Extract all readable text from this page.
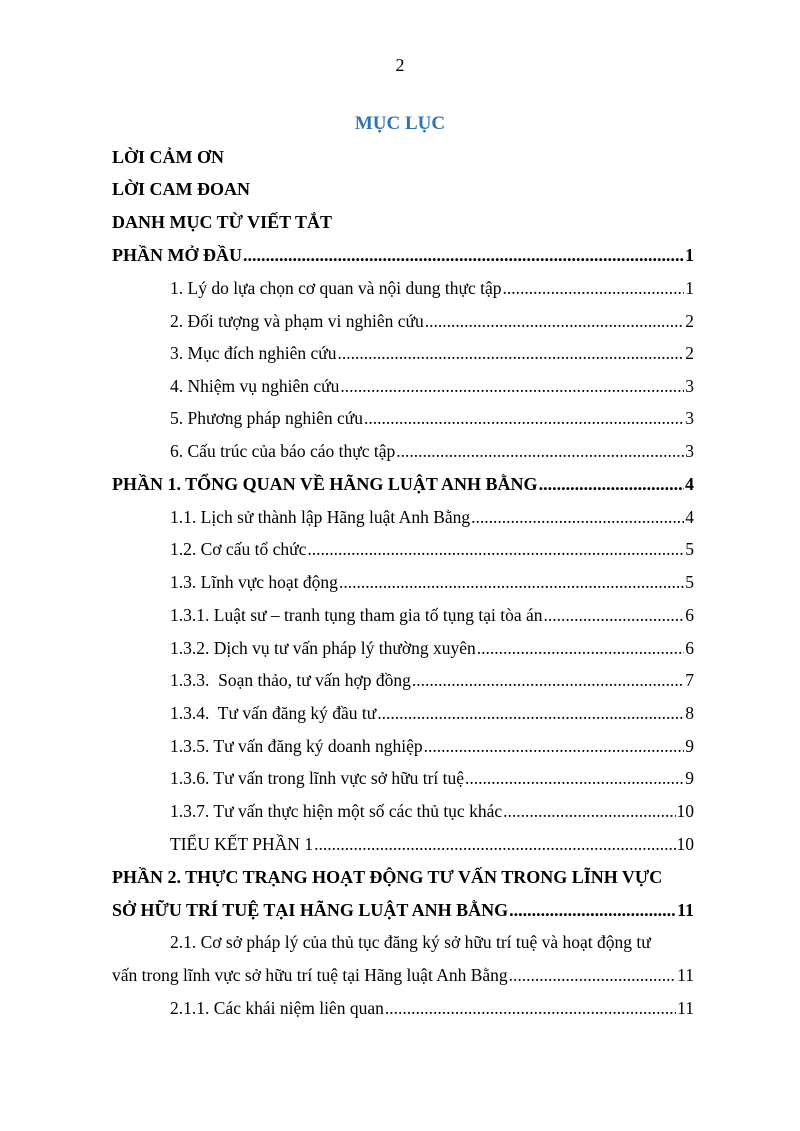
2
MỤC LỤC
LỜI CẢM ƠN
LỜI CAM ĐOAN
DANH MỤC TỪ VIẾT TẮT
PHẦN MỞ ĐẦU .....	1
1. Lý do lựa chọn cơ quan và nội dung thực tập .....	1
2. Đối tượng và phạm vi nghiên cứu .....	2
3. Mục đích nghiên cứu .....	2
4. Nhiệm vụ nghiên cứu .....	3
5. Phương pháp nghiên cứu .....	3
6. Cấu trúc của báo cáo thực tập .....	3
PHẦN 1. TỔNG QUAN VỀ HÃNG LUẬT ANH BẰNG .....	4
1.1. Lịch sử thành lập Hãng luật Anh Bằng .....	4
1.2. Cơ cấu tổ chức .....	5
1.3. Lĩnh vực hoạt động .....	5
1.3.1. Luật sư – tranh tụng tham gia tố tụng tại tòa án .....	6
1.3.2. Dịch vụ tư vấn pháp lý thường xuyên .....	6
1.3.3.  Soạn thảo, tư vấn hợp đồng .....	7
1.3.4.  Tư vấn đăng ký đầu tư .....	8
1.3.5. Tư vấn đăng ký doanh nghiệp .....	9
1.3.6. Tư vấn trong lĩnh vực sở hữu trí tuệ .....	9
1.3.7. Tư vấn thực hiện một số các thủ tục khác .....	10
TIỂU KẾT PHẦN 1 .....	10
PHẦN 2. THỰC TRẠNG HOẠT ĐỘNG TƯ VẤN TRONG LĨNH VỰC
SỞ HỮU TRÍ TUỆ TẠI HÃNG LUẬT ANH BẰNG .....	11
2.1. Cơ sở pháp lý của thủ tục đăng ký sở hữu trí tuệ và hoạt động tư
vấn trong lĩnh vực sở hữu trí tuệ tại Hãng luật Anh Bằng .....	11
2.1.1. Các khái niệm liên quan .....	11
